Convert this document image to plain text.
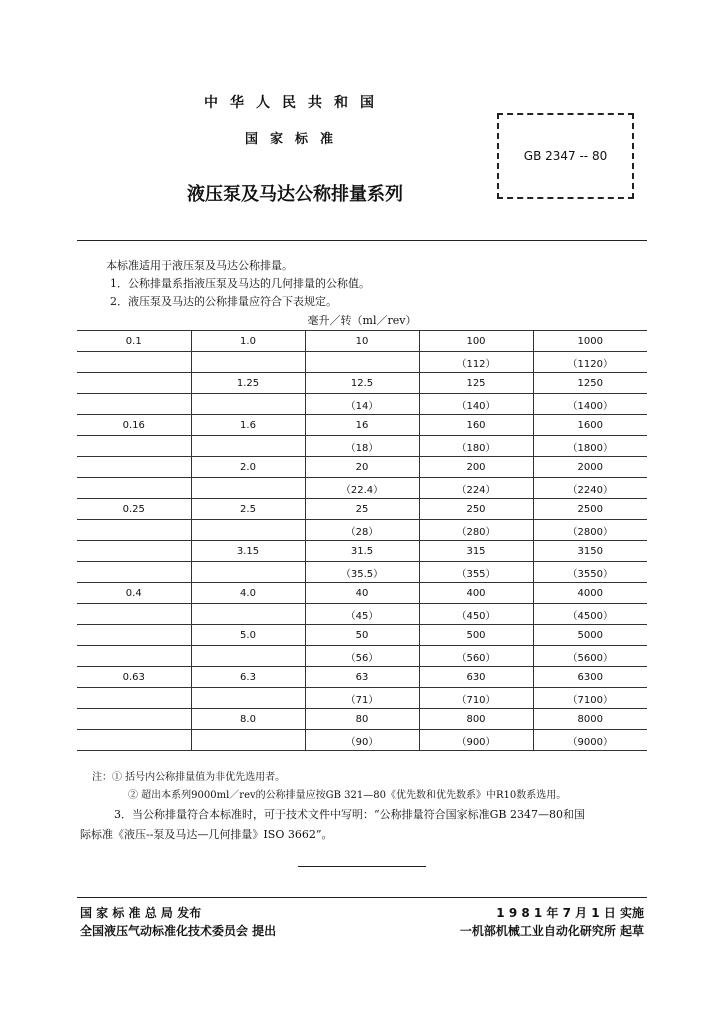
中华人民共和国
国家标准
液压泵及马达公称排量系列
GB 2347 -- 80
本标准适用于液压泵及马达公称排量。
1．公称排量系指液压泵及马达的几何排量的公称值。
2．液压泵及马达的公称排量应符合下表规定。
毫升／转（ml／rev）
0.1	1.0	10	100	1000
			（112）	（1120）
	1.25	12.5	125	1250
		（14）	（140）	（1400）
0.16	1.6	16	160	1600
		（18）	（180）	（1800）
	2.0	20	200	2000
		（22.4）	（224）	（2240）
0.25	2.5	25	250	2500
		（28）	（280）	（2800）
	3.15	31.5	315	3150
		（35.5）	（355）	（3550）
0.4	4.0	40	400	4000
		（45）	（450）	（4500）
	5.0	50	500	5000
		（56）	（560）	（5600）
0.63	6.3	63	630	6300
		（71）	（710）	（7100）
	8.0	80	800	8000
		（90）	（900）	（9000）
注：① 括号内公称排量值为非优先选用者。
② 超出本系列9000ml／rev的公称排量应按GB 321—80《优先数和优先数系》中R10数系选用。
3．当公称排量符合本标准时，可于技术文件中写明：“公称排量符合国家标准GB 2347—80和国
际标准《液压--泵及马达—几何排量》ISO 3662”。
国 家 标 准 总 局 发布
全国液压气动标准化技术委员会 提出
1 9 8 1 年 7 月 1 日 实施
一机部机械工业自动化研究所 起草
